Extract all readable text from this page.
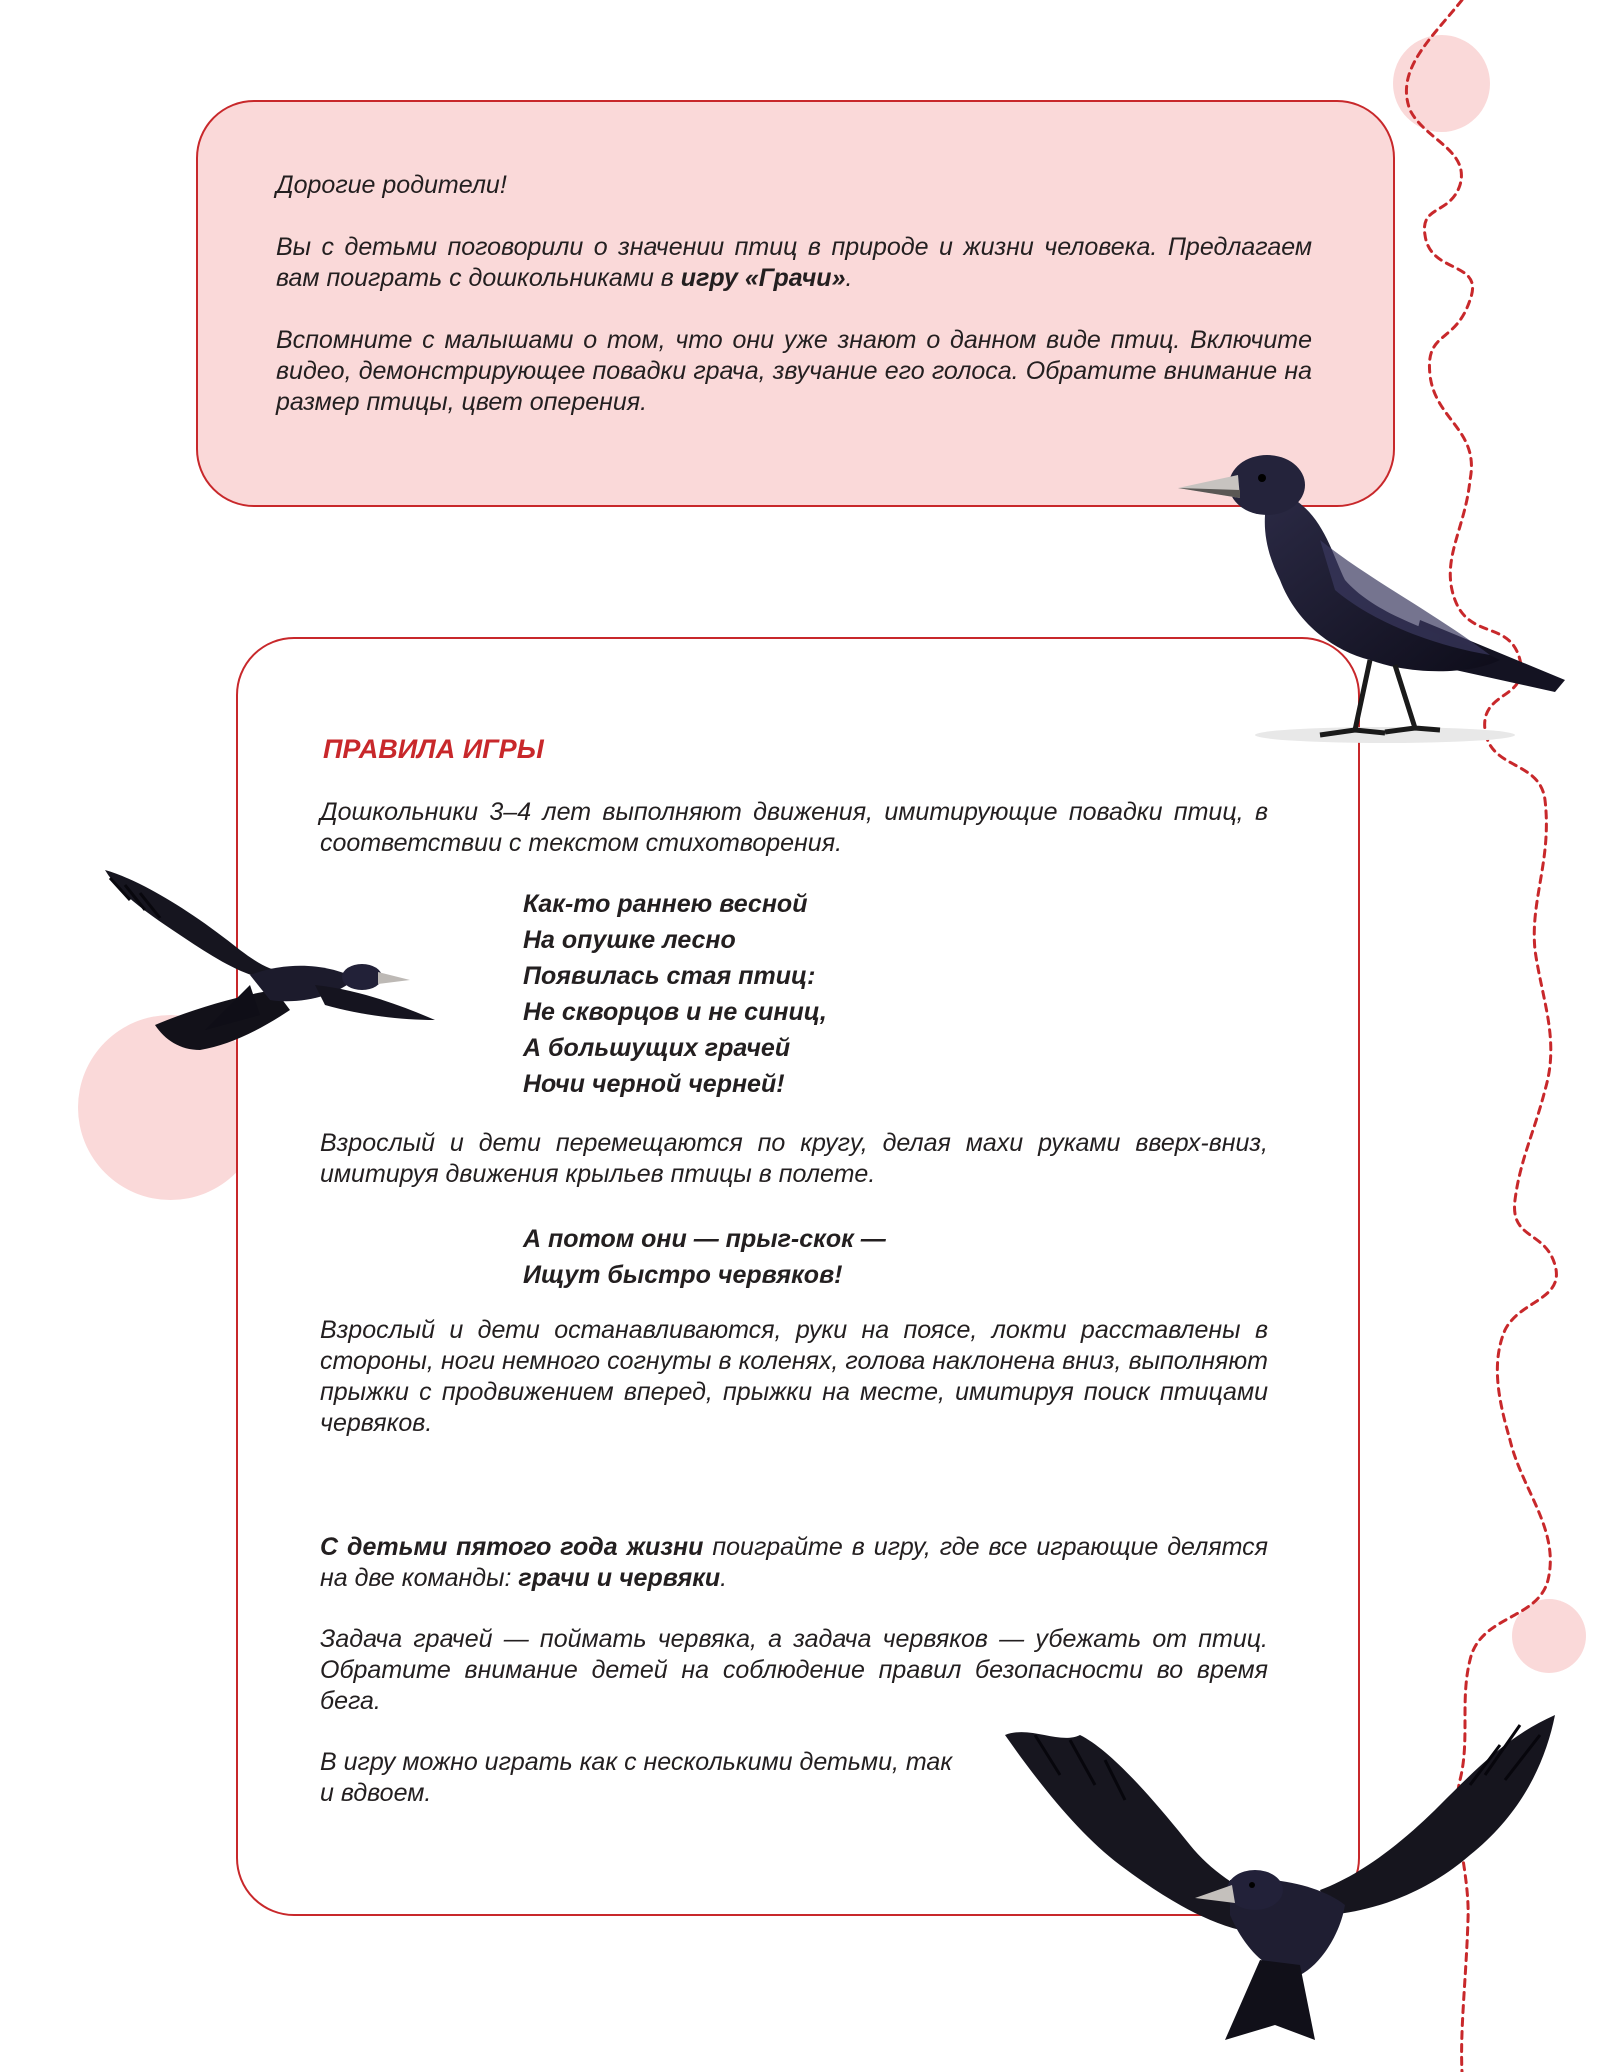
Дорогие родители!

Вы с детьми поговорили о значении птиц в природе и жизни человека. Предлагаем вам поиграть с дошкольниками в игру «Грачи».

Вспомните с малышами о том, что они уже знают о данном виде птиц. Включите видео, демонстрирующее повадки грача, звучание его голоса. Обратите внимание на размер птицы, цвет оперения.

ПРАВИЛА ИГРЫ
Дошкольники 3–4 лет выполняют движения, имитирующие повадки птиц, в соответствии с текстом стихотворения.
Как-то раннею весной
На опушке лесно
Появилась стая птиц:
Не скворцов и не синиц,
А большущих грачей
Ночи черной черней!
Взрослый и дети перемещаются по кругу, делая махи руками вверх-вниз, имитируя движения крыльев птицы в полете.
А потом они — прыг-скок —
Ищут быстро червяков!
Взрослый и дети останавливаются, руки на поясе, локти расставлены в стороны, ноги немного согнуты в коленях, голова наклонена вниз, выполняют прыжки с продвижением вперед, прыжки на месте, имитируя поиск птицами червяков.
С детьми пятого года жизни поиграйте в игру, где все играющие делятся на две команды: грачи и червяки.
Задача грачей — поймать червяка, а задача червяков — убежать от птиц. Обратите внимание детей на соблюдение правил безопасности во время бега.
В игру можно играть как с несколькими детьми, так и вдвоем.
